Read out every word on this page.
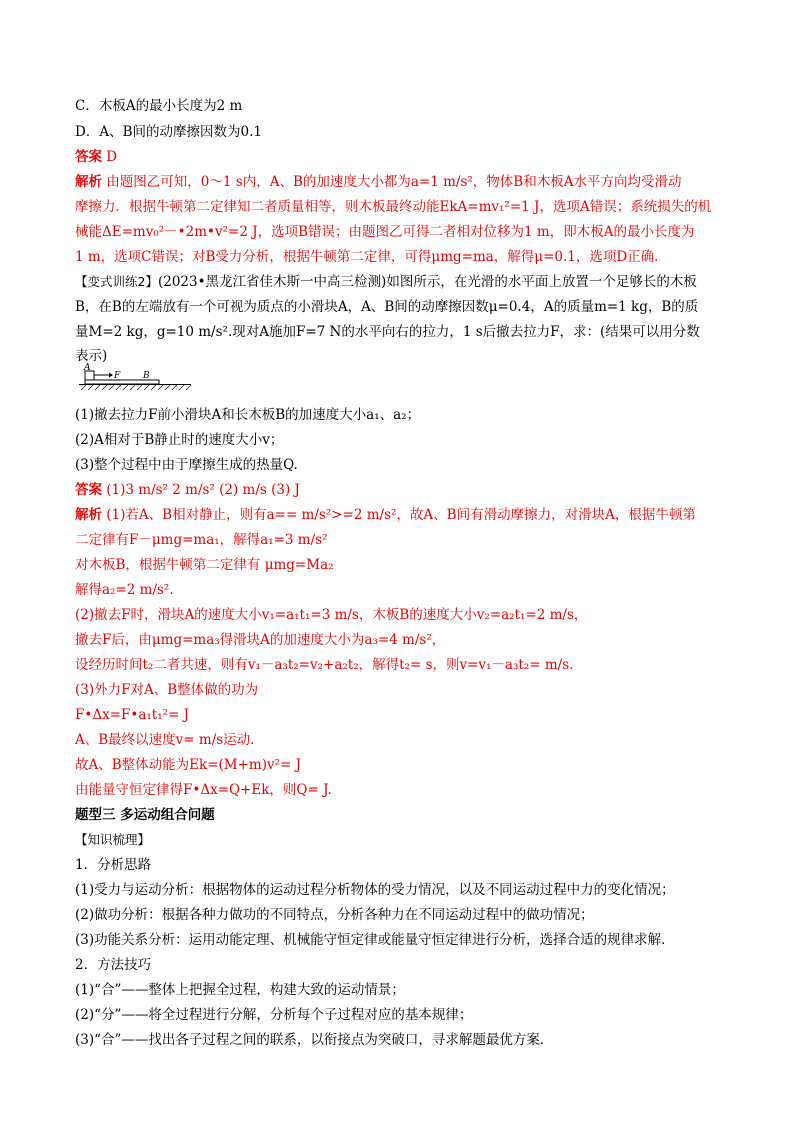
A
F	B
C．木板A的最小长度为2 m
D．A、B间的动摩擦因数为0.1
答案 D
解析 由题图乙可知，0～1 s内，A、B的加速度大小都为a=1 m/s²，物体B和木板A水平方向均受滑动
摩擦力．根据牛顿第二定律知二者质量相等，则木板最终动能EkA=mv₁²=1 J，选项A错误；系统损失的机
械能ΔE=mv₀²－•2m•v²=2 J，选项B错误；由题图乙可得二者相对位移为1 m，即木板A的最小长度为
1 m，选项C错误；对B受力分析，根据牛顿第二定律，可得μmg=ma，解得μ=0.1，选项D正确．
【变式训练2】(2023•黑龙江省佳木斯一中高三检测)如图所示，在光滑的水平面上放置一个足够长的木板
B，在B的左端放有一个可视为质点的小滑块A，A、B间的动摩擦因数μ=0.4，A的质量m=1 kg，B的质
量M=2 kg，g=10 m/s².现对A施加F=7 N的水平向右的拉力，1 s后撤去拉力F，求：(结果可以用分数
表示)
(1)撤去拉力F前小滑块A和长木板B的加速度大小a₁、a₂；
(2)A相对于B静止时的速度大小v；
(3)整个过程中由于摩擦生成的热量Q.
答案 (1)3 m/s² 2 m/s² (2) m/s (3) J
解析 (1)若A、B相对静止，则有a== m/s²>=2 m/s²，故A、B间有滑动摩擦力，对滑块A，根据牛顿第
二定律有F－μmg=ma₁，解得a₁=3 m/s²
对木板B，根据牛顿第二定律有 μmg=Ma₂
解得a₂=2 m/s².
(2)撤去F时，滑块A的速度大小v₁=a₁t₁=3 m/s，木板B的速度大小v₂=a₂t₁=2 m/s，
撤去F后，由μmg=ma₃得滑块A的加速度大小为a₃=4 m/s²，
设经历时间t₂二者共速，则有v₁－a₃t₂=v₂+a₂t₂，解得t₂= s，则v=v₁－a₃t₂= m/s.
(3)外力F对A、B整体做的功为
F•Δx=F•a₁t₁²= J
A、B最终以速度v= m/s运动.
故A、B整体动能为Ek=(M+m)v²= J
由能量守恒定律得F•Δx=Q+Ek，则Q= J.
题型三 多运动组合问题
【知识梳理】
1．分析思路
(1)受力与运动分析：根据物体的运动过程分析物体的受力情况，以及不同运动过程中力的变化情况；
(2)做功分析：根据各种力做功的不同特点，分析各种力在不同运动过程中的做功情况；
(3)功能关系分析：运用动能定理、机械能守恒定律或能量守恒定律进行分析，选择合适的规律求解．
2．方法技巧
(1)“合”——整体上把握全过程，构建大致的运动情景；
(2)“分”——将全过程进行分解，分析每个子过程对应的基本规律；
(3)“合”——找出各子过程之间的联系，以衔接点为突破口，寻求解题最优方案．
